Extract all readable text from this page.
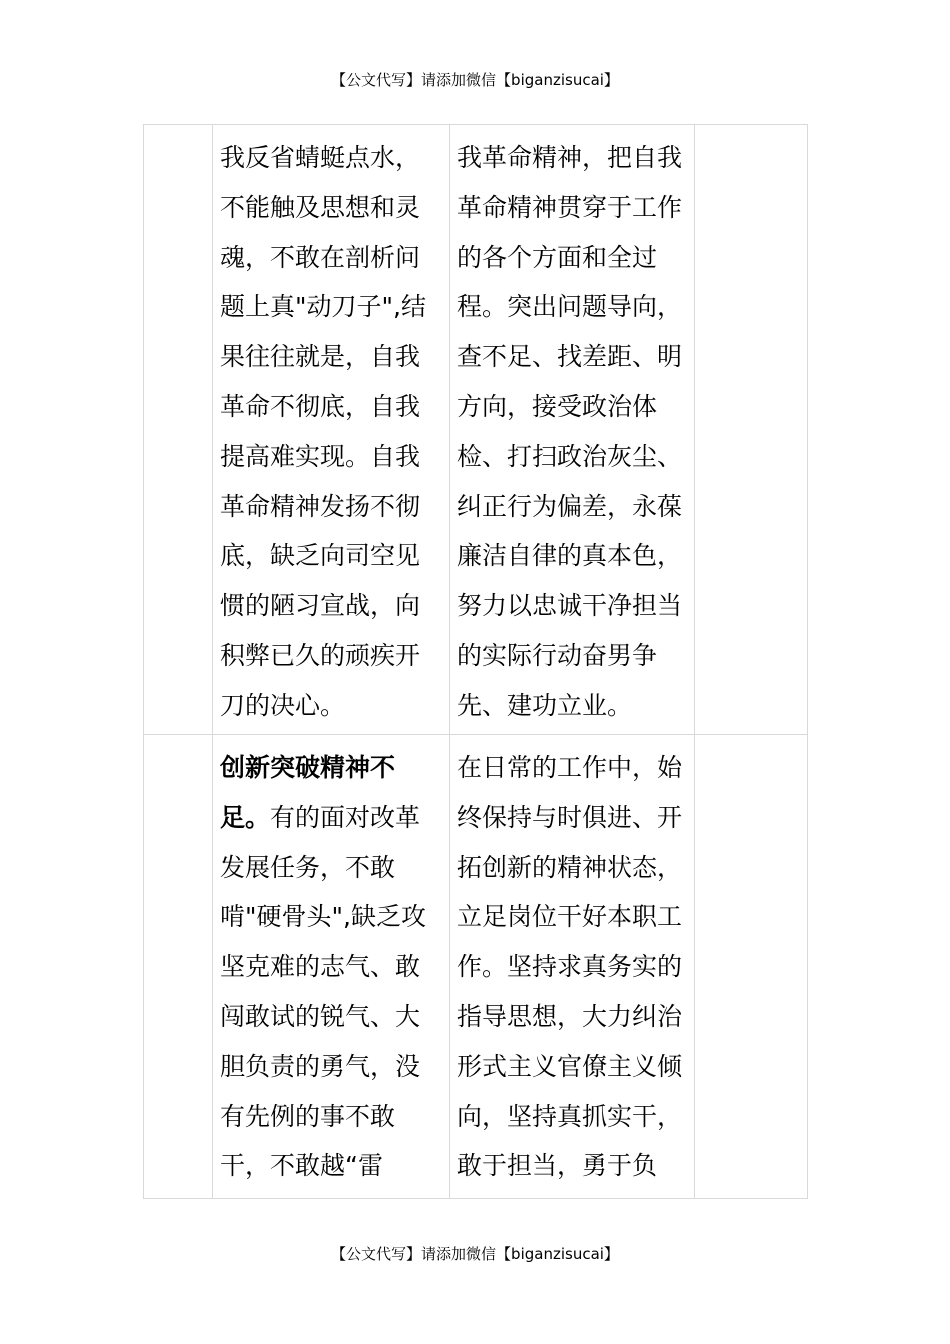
【公文代写】请添加微信【biganzisucai】

	我反省蜻蜓点水，不能触及思想和灵魂，不敢在剖析问题上真"动刀子",结果往往就是，自我革命不彻底，自我提高难实现。自我革命精神发扬不彻底，缺乏向司空见惯的陋习宣战，向积弊已久的顽疾开刀的决心。	我革命精神，把自我革命精神贯穿于工作的各个方面和全过程。突出问题导向，查不足、找差距、明方向，接受政治体检、打扫政治灰尘、纠正行为偏差，永葆廉洁自律的真本色，努力以忠诚干净担当的实际行动奋男争先、建功立业。	

	创新突破精神不足。有的面对改革发展任务，不敢啃"硬骨头",缺乏攻坚克难的志气、敢闯敢试的锐气、大胆负责的勇气，没有先例的事不敢干，不敢越“雷	在日常的工作中，始终保持与时俱进、开拓创新的精神状态，立足岗位干好本职工作。坚持求真务实的指导思想，大力纠治形式主义官僚主义倾向，坚持真抓实干，敢于担当，勇于负	

【公文代写】请添加微信【biganzisucai】
